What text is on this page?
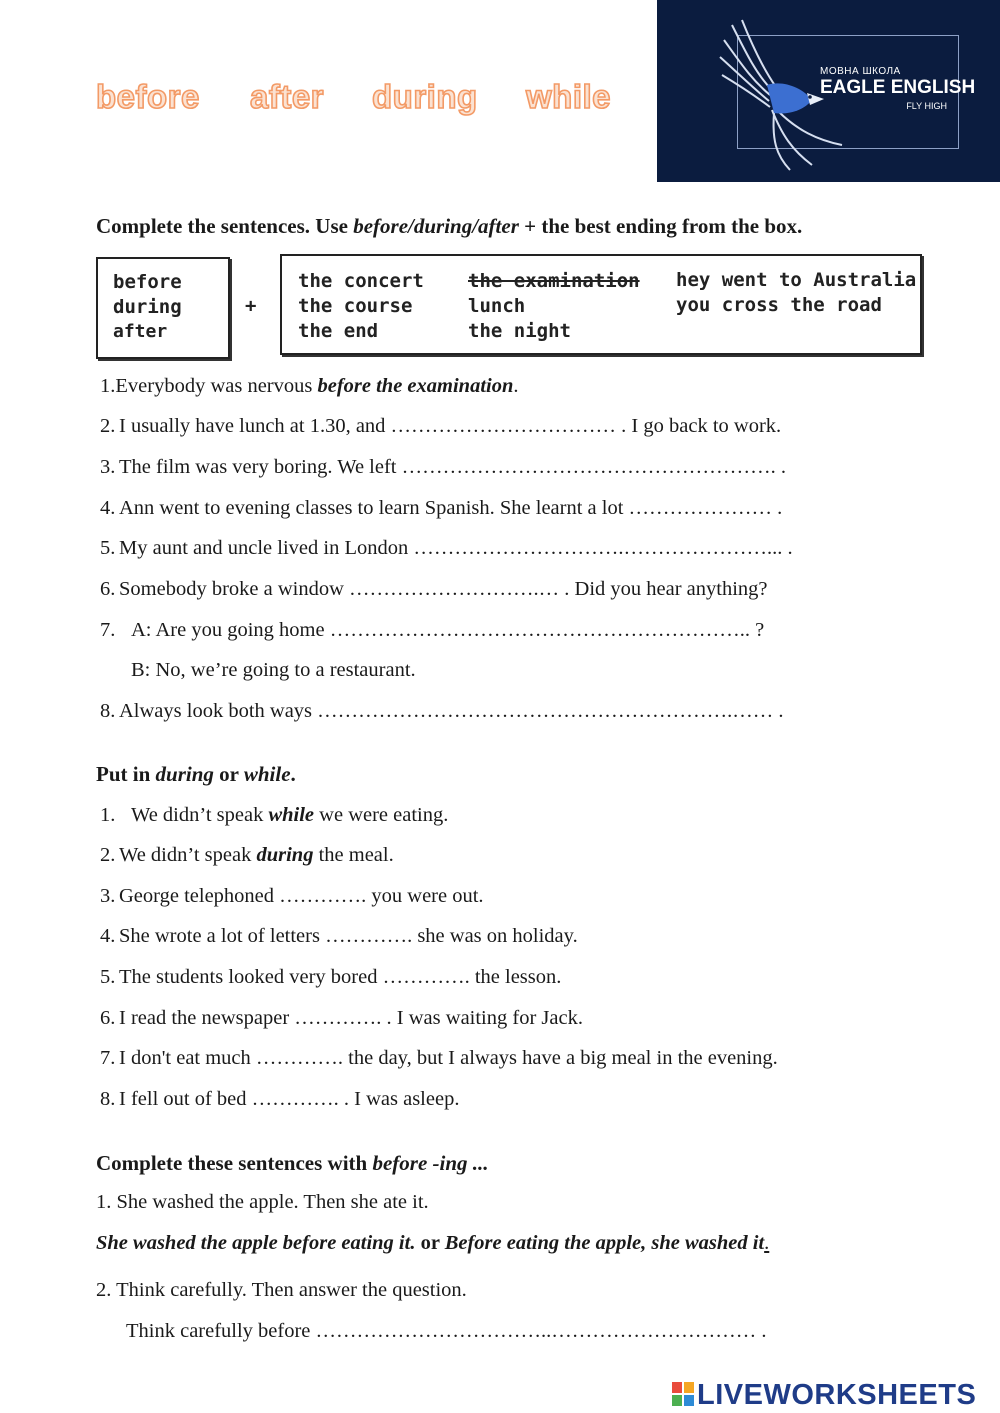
before after during while
МОВНА ШКОЛА
EAGLE ENGLISH
FLY HIGH
Complete the sentences. Use before/during/after + the best ending from the box.
before
during
after
+
the concert
the course
the end
the examination
lunch
the night
hey went to Australia
you cross the road
1.Everybody was nervous before the examination.
2. I usually have lunch at 1.30, and …………………………… . I go back to work.
3. The film was very boring. We left ………………………………………………. .
4. Ann went to evening classes to learn Spanish. She learnt a lot ………………… .
5. My aunt and uncle lived in London ………………………….…………………... .
6. Somebody broke a window ……………………….… . Did you hear anything?
7. A: Are you going home …………………………………………………….. ?
B: No, we’re going to a restaurant.
8. Always look both ways …………………………………………………….…… .
Put in during or while.
1. We didn’t speak while we were eating.
2. We didn’t speak during the meal.
3. George telephoned …………. you were out.
4. She wrote a lot of letters …………. she was on holiday.
5. The students looked very bored …………. the lesson.
6. I read the newspaper …………. . I was waiting for Jack.
7. I don't eat much …………. the day, but I always have a big meal in the evening.
8. I fell out of bed …………. . I was asleep.
Complete these sentences with before -ing ...
1. She washed the apple. Then she ate it.
She washed the apple before eating it. or Before eating the apple, she washed it.
2. Think carefully. Then answer the question.
Think carefully before ……………………………..………………………… .
LIVEWORKSHEETS
